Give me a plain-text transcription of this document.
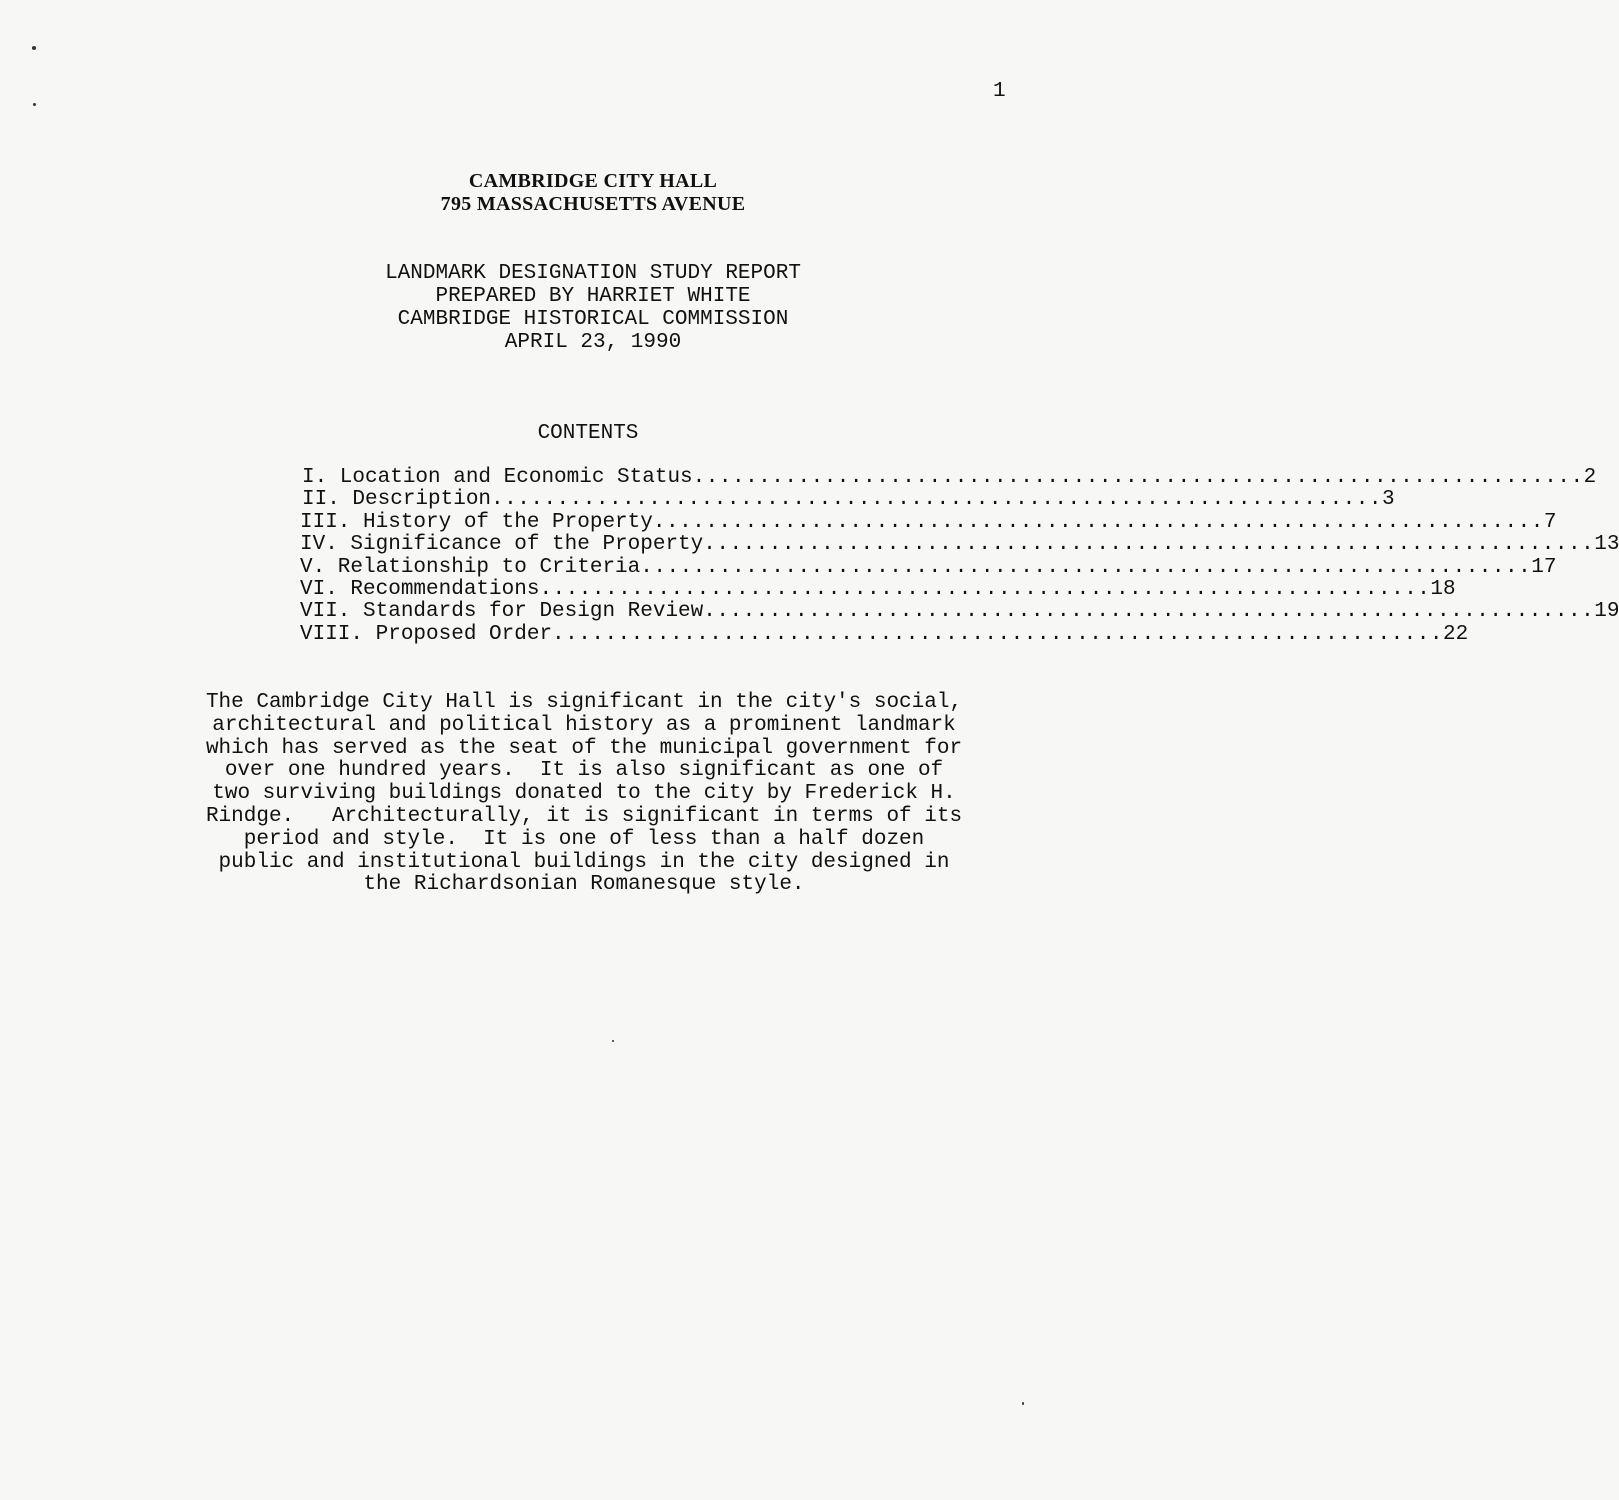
1
CAMBRIDGE CITY HALL
795 MASSACHUSETTS AVENUE
LANDMARK DESIGNATION STUDY REPORT
PREPARED BY HARRIET WHITE
CAMBRIDGE HISTORICAL COMMISSION
APRIL 23, 1990
CONTENTS
I. Location and Economic Status .................................................................... 2
II. Description .................................................................... 3
III. History of the Property .................................................................... 7
IV. Significance of the Property .................................................................... 13
V. Relationship to Criteria .................................................................... 17
VI. Recommendations .................................................................... 18
VII. Standards for Design Review .................................................................... 19
VIII. Proposed Order .................................................................... 22
The Cambridge City Hall is significant in the city's social,
architectural and political history as a prominent landmark
which has served as the seat of the municipal government for
over one hundred years.  It is also significant as one of
two surviving buildings donated to the city by Frederick H.
Rindge.   Architecturally, it is significant in terms of its
period and style.  It is one of less than a half dozen
public and institutional buildings in the city designed in
the Richardsonian Romanesque style.
